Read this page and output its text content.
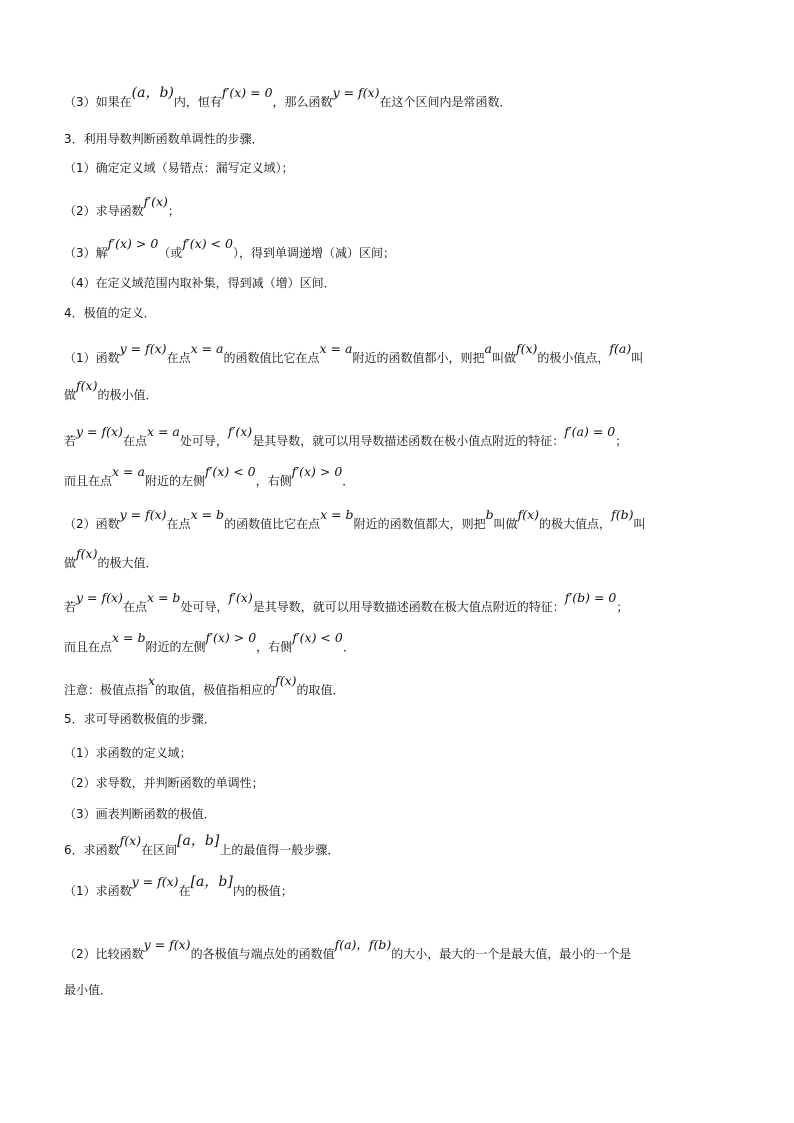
（3）如果在(a，b)内，恒有f′(x) = 0，那么函数y = f(x)在这个区间内是常函数．
3．利用导数判断函数单调性的步骤．
（1）确定定义域（易错点：漏写定义域）；
（2）求导函数f′(x)；
（3）解f′(x) > 0（或f′(x) < 0），得到单调递增（减）区间；
（4）在定义域范围内取补集，得到减（增）区间．
4．极值的定义．
（1）函数y = f(x)在点x = a的函数值比它在点x = a附近的函数值都小，则把a叫做f(x)的极小值点，f(a)叫
做f(x)的极小值．
若y = f(x)在点x = a处可导，f′(x)是其导数，就可以用导数描述函数在极小值点附近的特征：f′(a) = 0；
而且在点x = a附近的左侧f′(x) < 0，右侧f′(x) > 0．
（2）函数y = f(x)在点x = b的函数值比它在点x = b附近的函数值都大，则把b叫做f(x)的极大值点，f(b)叫
做f(x)的极大值．
若y = f(x)在点x = b处可导，f′(x)是其导数，就可以用导数描述函数在极大值点附近的特征：f′(b) = 0；
而且在点x = b附近的左侧f′(x) > 0，右侧f′(x) < 0．
注意：极值点指x的取值，极值指相应的f(x)的取值．
5．求可导函数极值的步骤．
（1）求函数的定义域；
（2）求导数，并判断函数的单调性；
（3）画表判断函数的极值．
6．求函数f(x)在区间[a，b]上的最值得一般步骤．
（1）求函数y = f(x)在[a，b]内的极值；
（2）比较函数y = f(x)的各极值与端点处的函数值f(a)，f(b)的大小，最大的一个是最大值，最小的一个是
最小值．
